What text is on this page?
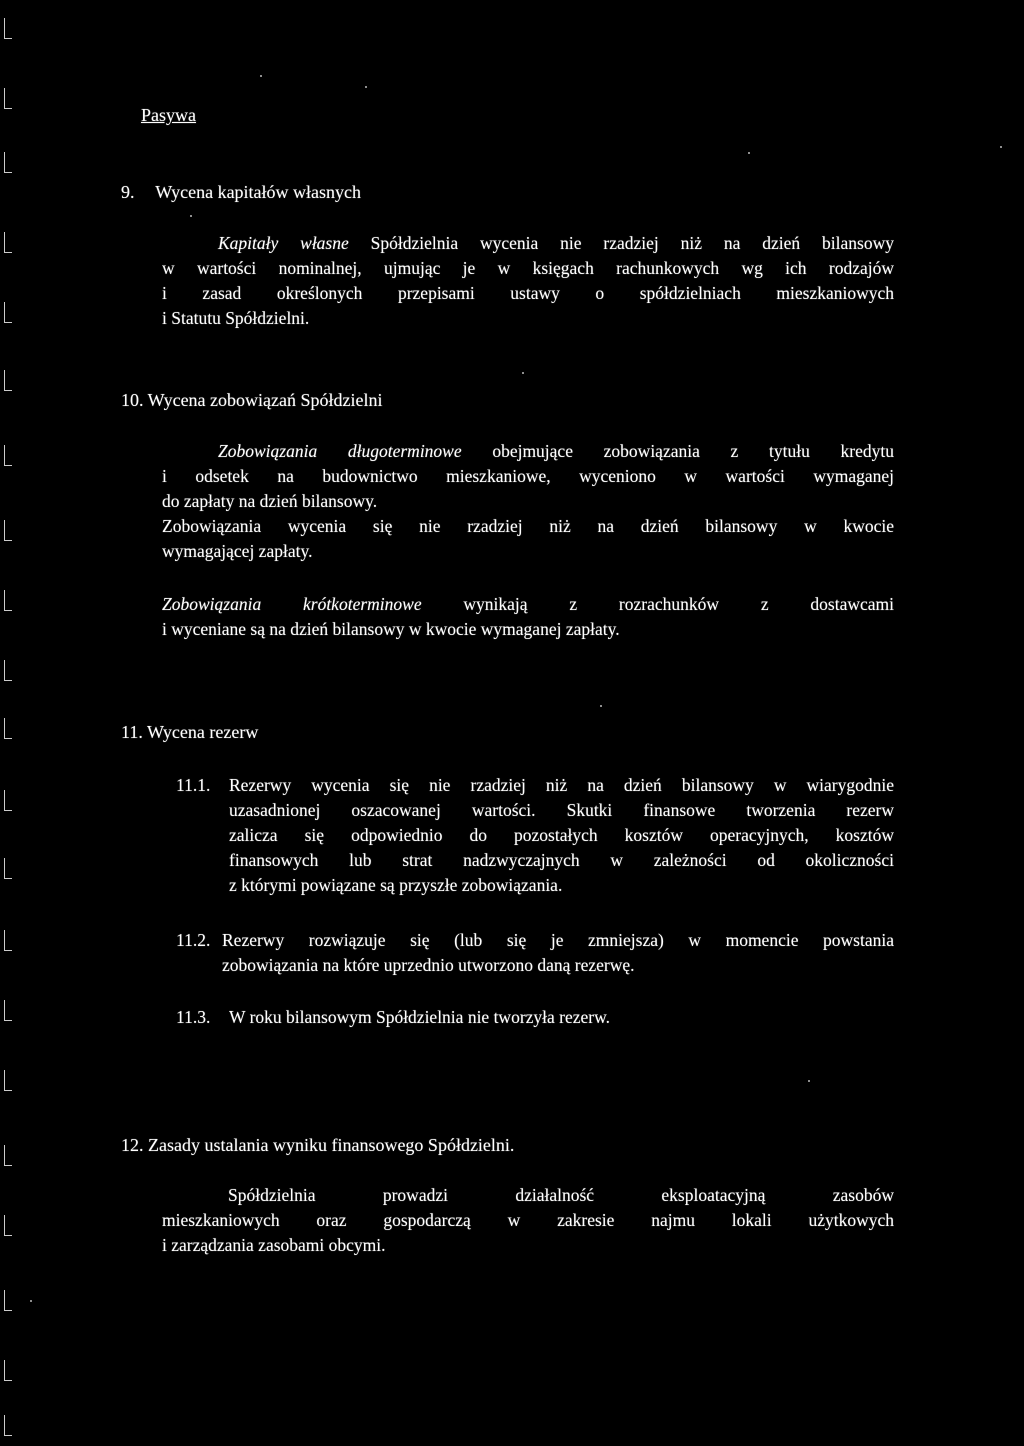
Pasywa
9. Wycena kapitałów własnych
Kapitały własne Spółdzielnia wycenia nie rzadziej niż na dzień bilansowy
w wartości nominalnej, ujmując je w księgach rachunkowych wg ich rodzajów
i zasad określonych przepisami ustawy o spółdzielniach mieszkaniowych
i Statutu Spółdzielni.
10. Wycena zobowiązań Spółdzielni
Zobowiązania długoterminowe obejmujące zobowiązania z tytułu kredytu
i odsetek na budownictwo mieszkaniowe, wyceniono w wartości wymaganej
do zapłaty na dzień bilansowy.
Zobowiązania wycenia się nie rzadziej niż na dzień bilansowy w kwocie
wymagającej zapłaty.
Zobowiązania krótkoterminowe wynikają z rozrachunków z dostawcami
i wyceniane są na dzień bilansowy w kwocie wymaganej zapłaty.
11. Wycena rezerw
11.1. Rezerwy wycenia się nie rzadziej niż na dzień bilansowy w wiarygodnie
uzasadnionej oszacowanej wartości. Skutki finansowe tworzenia rezerw
zalicza się odpowiednio do pozostałych kosztów operacyjnych, kosztów
finansowych lub strat nadzwyczajnych w zależności od okoliczności
z którymi powiązane są przyszłe zobowiązania.
11.2. Rezerwy rozwiązuje się (lub się je zmniejsza) w momencie powstania
zobowiązania na które uprzednio utworzono daną rezerwę.
11.3. W roku bilansowym Spółdzielnia nie tworzyła rezerw.
12. Zasady ustalania wyniku finansowego Spółdzielni.
Spółdzielnia prowadzi działalność eksploatacyjną zasobów
mieszkaniowych oraz gospodarczą w zakresie najmu lokali użytkowych
i zarządzania zasobami obcymi.
